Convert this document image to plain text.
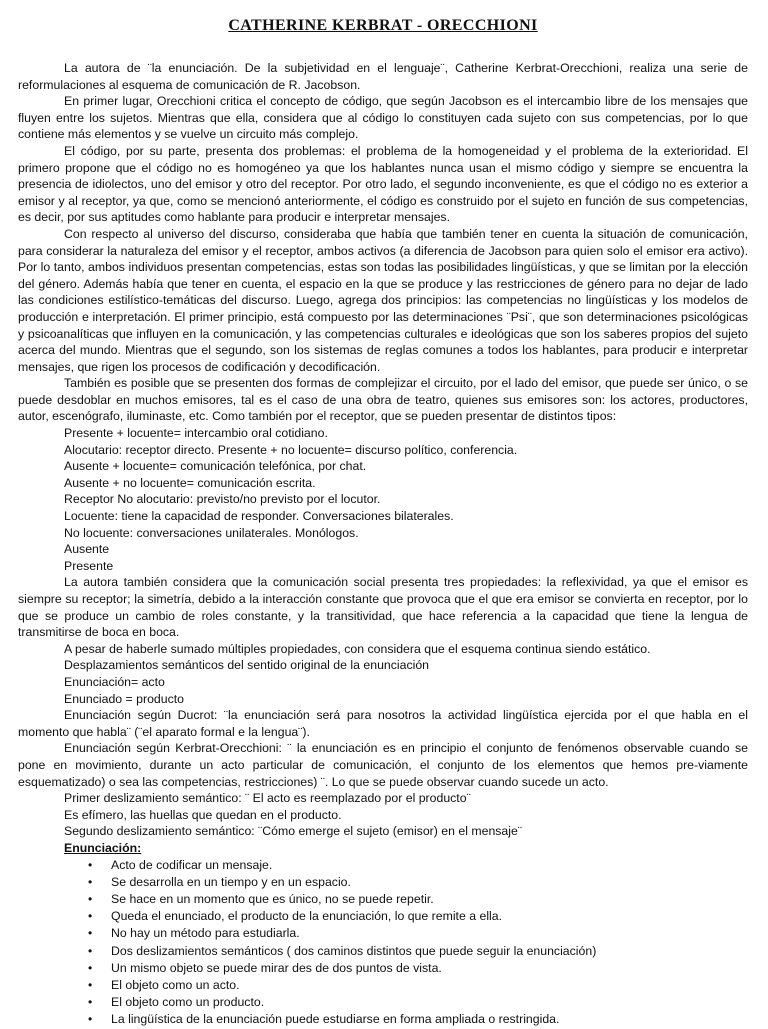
CATHERINE KERBRAT - ORECCHIONI

La autora de ¨la enunciación. De la subjetividad en el lenguaje¨, Catherine Kerbrat-Orecchioni, realiza una serie de reformulaciones al esquema de comunicación de R. Jacobson.

En primer lugar, Orecchioni critica el concepto de código, que según Jacobson es el intercambio libre de los mensajes que fluyen entre los sujetos. Mientras que ella, considera que al código lo constituyen cada sujeto con sus competencias, por lo que contiene más elementos y se vuelve un circuito más complejo.

El código, por su parte, presenta dos problemas: el problema de la homogeneidad y el problema de la exterioridad. El primero propone que el código no es homogéneo ya que los hablantes nunca usan el mismo código y siempre se encuentra la presencia de idiolectos, uno del emisor y otro del receptor. Por otro lado, el segundo inconveniente, es que el código no es exterior a emisor y al receptor, ya que, como se mencionó anteriormente, el código es construido por el sujeto en función de sus competencias, es decir, por sus aptitudes como hablante para producir e interpretar mensajes.

Con respecto al universo del discurso, consideraba que había que también tener en cuenta la situación de comunicación, para considerar la naturaleza del emisor y el receptor, ambos activos (a diferencia de Jacobson para quien solo el emisor era activo). Por lo tanto, ambos individuos presentan competencias, estas son todas las posibilidades lingüísticas, y que se limitan por la elección del género. Además había que tener en cuenta, el espacio en la que se produce y las restricciones de género para no dejar de lado las condiciones estilístico-temáticas del discurso. Luego, agrega dos principios: las competencias no lingüísticas y los modelos de producción e interpretación. El primer principio, está compuesto por las determinaciones ¨Psi¨, que son determinaciones psicológicas y psicoanalíticas que influyen en la comunicación, y las competencias culturales e ideológicas que son los saberes propios del sujeto acerca del mundo. Mientras que el segundo, son los sistemas de reglas comunes a todos los hablantes, para producir e interpretar mensajes, que rigen los procesos de codificación y decodificación.

También es posible que se presenten dos formas de complejizar el circuito, por el lado del emisor, que puede ser único, o se puede desdoblar en muchos emisores, tal es el caso de una obra de teatro, quienes sus emisores son: los actores, productores, autor, escenógrafo, iluminaste, etc. Como también por el receptor, que se pueden presentar de distintos tipos:

Presente + locuente= intercambio oral cotidiano.

Alocutario: receptor directo. Presente + no locuente= discurso político, conferencia.

Ausente + locuente= comunicación telefónica, por chat.

Ausente + no locuente= comunicación escrita.

Receptor No alocutario: previsto/no previsto por el locutor.

Locuente: tiene la capacidad de responder. Conversaciones bilaterales.

No locuente: conversaciones unilaterales. Monólogos.

Ausente

Presente

La autora también considera que la comunicación social presenta tres propiedades: la reflexividad, ya que el emisor es siempre su receptor; la simetría, debido a la interacción constante que provoca que el que era emisor se convierta en receptor, por lo que se produce un cambio de roles constante, y la transitividad, que hace referencia a la capacidad que tiene la lengua de transmitirse de boca en boca.

A pesar de haberle sumado múltiples propiedades, con considera que el esquema continua siendo estático.

Desplazamientos semánticos del sentido original de la enunciación

Enunciación= acto

Enunciado = producto

Enunciación según Ducrot: ¨la enunciación será para nosotros la actividad lingüística ejercida por el que habla en el momento que habla¨ (¨el aparato formal e la lengua¨).

Enunciación según Kerbrat-Orecchioni: ¨ la enunciación es en principio el conjunto de fenómenos observable cuando se pone en movimiento, durante un acto particular de comunicación, el conjunto de los elementos que hemos pre-viamente esquematizado) o sea las competencias, restricciones) ¨. Lo que se puede observar cuando sucede un acto.

Primer deslizamiento semántico: ¨ El acto es reemplazado por el producto¨

Es efímero, las huellas que quedan en el producto.

Segundo deslizamiento semántico: ¨Cómo emerge el sujeto (emisor) en el mensaje¨

Enunciación:

• Acto de codificar un mensaje.
• Se desarrolla en un tiempo y en un espacio.
• Se hace en un momento que es único, no se puede repetir.
• Queda el enunciado, el producto de la enunciación, lo que remite a ella.
• No hay un método para estudiarla.
• Dos deslizamientos semánticos ( dos caminos distintos que puede seguir la enunciación)
• Un mismo objeto se puede mirar des de dos puntos de vista.
• El objeto como un acto.
• El objeto como un producto.
• La lingüística de la enunciación puede estudiarse en forma ampliada o restringida.
